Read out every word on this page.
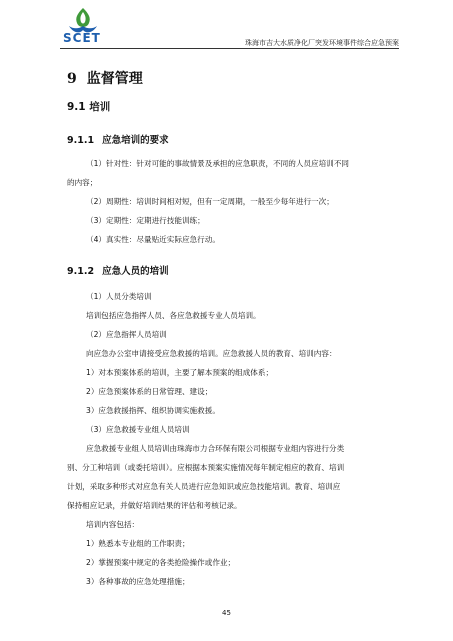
SCET	珠海市吉大水质净化厂突发环境事件综合应急预案
9 监督管理
9.1 培训
9.1.1 应急培训的要求
（1）针对性：针对可能的事故情景及承担的应急职责，不同的人员应培训不同
的内容；
（2）周期性：培训时间相对短，但有一定周期，一般至少每年进行一次；
（3）定期性：定期进行技能训练；
（4）真实性：尽量贴近实际应急行动。
9.1.2 应急人员的培训
（1）人员分类培训
培训包括应急指挥人员、各应急救援专业人员培训。
（2）应急指挥人员培训
向应急办公室申请接受应急救援的培训。应急救援人员的教育、培训内容：
1）对本预案体系的培训，主要了解本预案的组成体系；
2）应急预案体系的日常管理、建设；
3）应急救援指挥、组织协调实施救援。
（3）应急救援专业组人员培训
应急救援专业组人员培训由珠海市力合环保有限公司根据专业组内容进行分类
别、分工种培训（或委托培训）。应根据本预案实施情况每年制定相应的教育、培训
计划，采取多种形式对应急有关人员进行应急知识或应急技能培训。教育、培训应
保持相应记录，并做好培训结果的评估和考核记录。
培训内容包括：
1）熟悉本专业组的工作职责；
2）掌握预案中规定的各类抢险操作或作业；
3）各种事故的应急处理措施；
45
